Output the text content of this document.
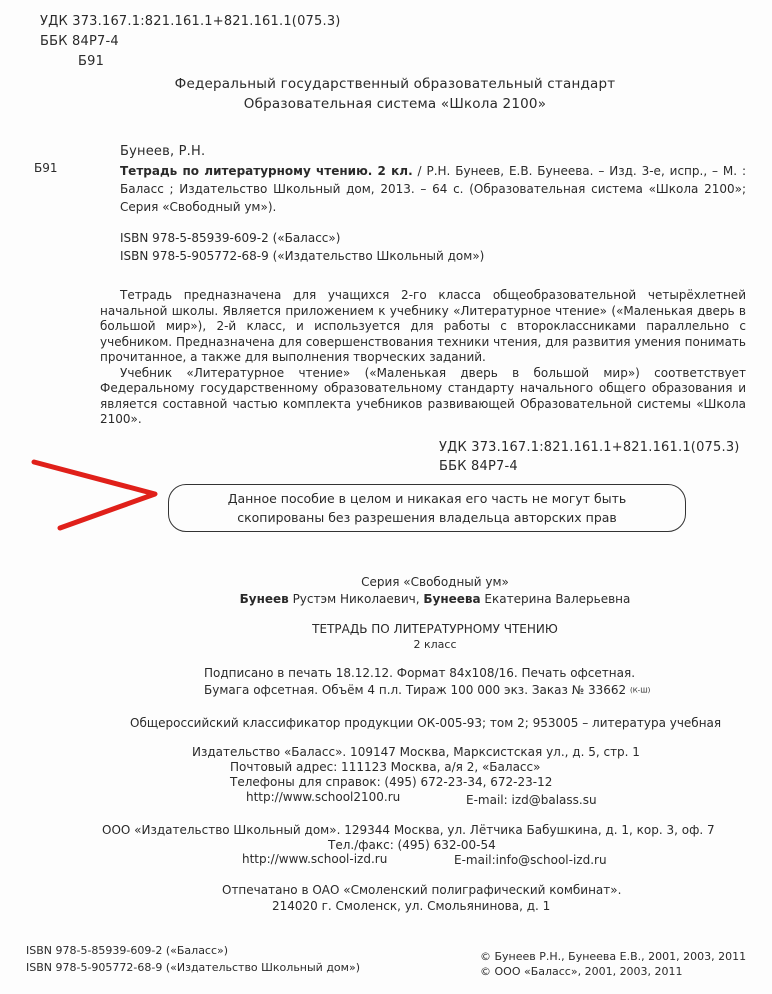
УДК 373.167.1:821.161.1+821.161.1(075.3)
ББК 84Р7-4
Б91
Федеральный государственный образовательный стандарт
Образовательная система «Школа 2100»
Б91
Бунеев, Р.Н.
Тетрадь по литературному чтению. 2 кл. / Р.Н. Бунеев, Е.В. Бунеева. – Изд. 3-е, испр., – М. : Баласс ; Издательство Школьный дом, 2013. – 64 с. (Образовательная система «Школа 2100»; Серия «Свободный ум»).
ISBN 978-5-85939-609-2 («Баласс»)
ISBN 978-5-905772-68-9 («Издательство Школьный дом»)

Тетрадь предназначена для учащихся 2-го класса общеобразовательной четырёхлетней начальной школы. Является приложением к учебнику «Литературное чтение» («Маленькая дверь в большой мир»), 2-й класс, и используется для работы с второклассниками параллельно с учебником. Предназначена для совершенствования техники чтения, для развития умения понимать прочитанное, а также для выполнения творческих заданий.

Учебник «Литературное чтение» («Маленькая дверь в большой мир») соответствует Федеральному государственному образовательному стандарту начального общего образования и является составной частью комплекта учебников развивающей Образовательной системы «Школа 2100».

УДК 373.167.1:821.161.1+821.161.1(075.3)
ББК 84Р7-4
Данное пособие в целом и никакая его часть не могут быть
скопированы без разрешения владельца авторских прав
Серия «Свободный ум»
Бунеев Рустэм Николаевич, Бунеева Екатерина Валерьевна
ТЕТРАДЬ ПО ЛИТЕРАТУРНОМУ ЧТЕНИЮ
2 класс
Подписано в печать 18.12.12. Формат 84х108/16. Печать офсетная.
Бумага офсетная. Объём 4 п.л. Тираж 100 000 экз. Заказ № 33662 (К-Ш)
Общероссийский классификатор продукции ОК-005-93; том 2; 953005 – литература учебная
Издательство «Баласс». 109147 Москва, Марксистская ул., д. 5, стр. 1
Почтовый адрес: 111123 Москва, а/я 2, «Баласс»
Телефоны для справок: (495) 672-23-34, 672-23-12
http://www.school2100.ru	E-mail: izd@balass.su
ООО «Издательство Школьный дом». 129344 Москва, ул. Лётчика Бабушкина, д. 1, кор. 3, оф. 7
Тел./факс: (495) 632-00-54
http://www.school-izd.ru	E-mail:info@school-izd.ru
Отпечатано в ОАО «Смоленский полиграфический комбинат».
214020 г. Смоленск, ул. Смольянинова, д. 1
ISBN 978-5-85939-609-2 («Баласс»)
ISBN 978-5-905772-68-9 («Издательство Школьный дом»)
© Бунеев Р.Н., Бунеева Е.В., 2001, 2003, 2011
© ООО «Баласс», 2001, 2003, 2011
